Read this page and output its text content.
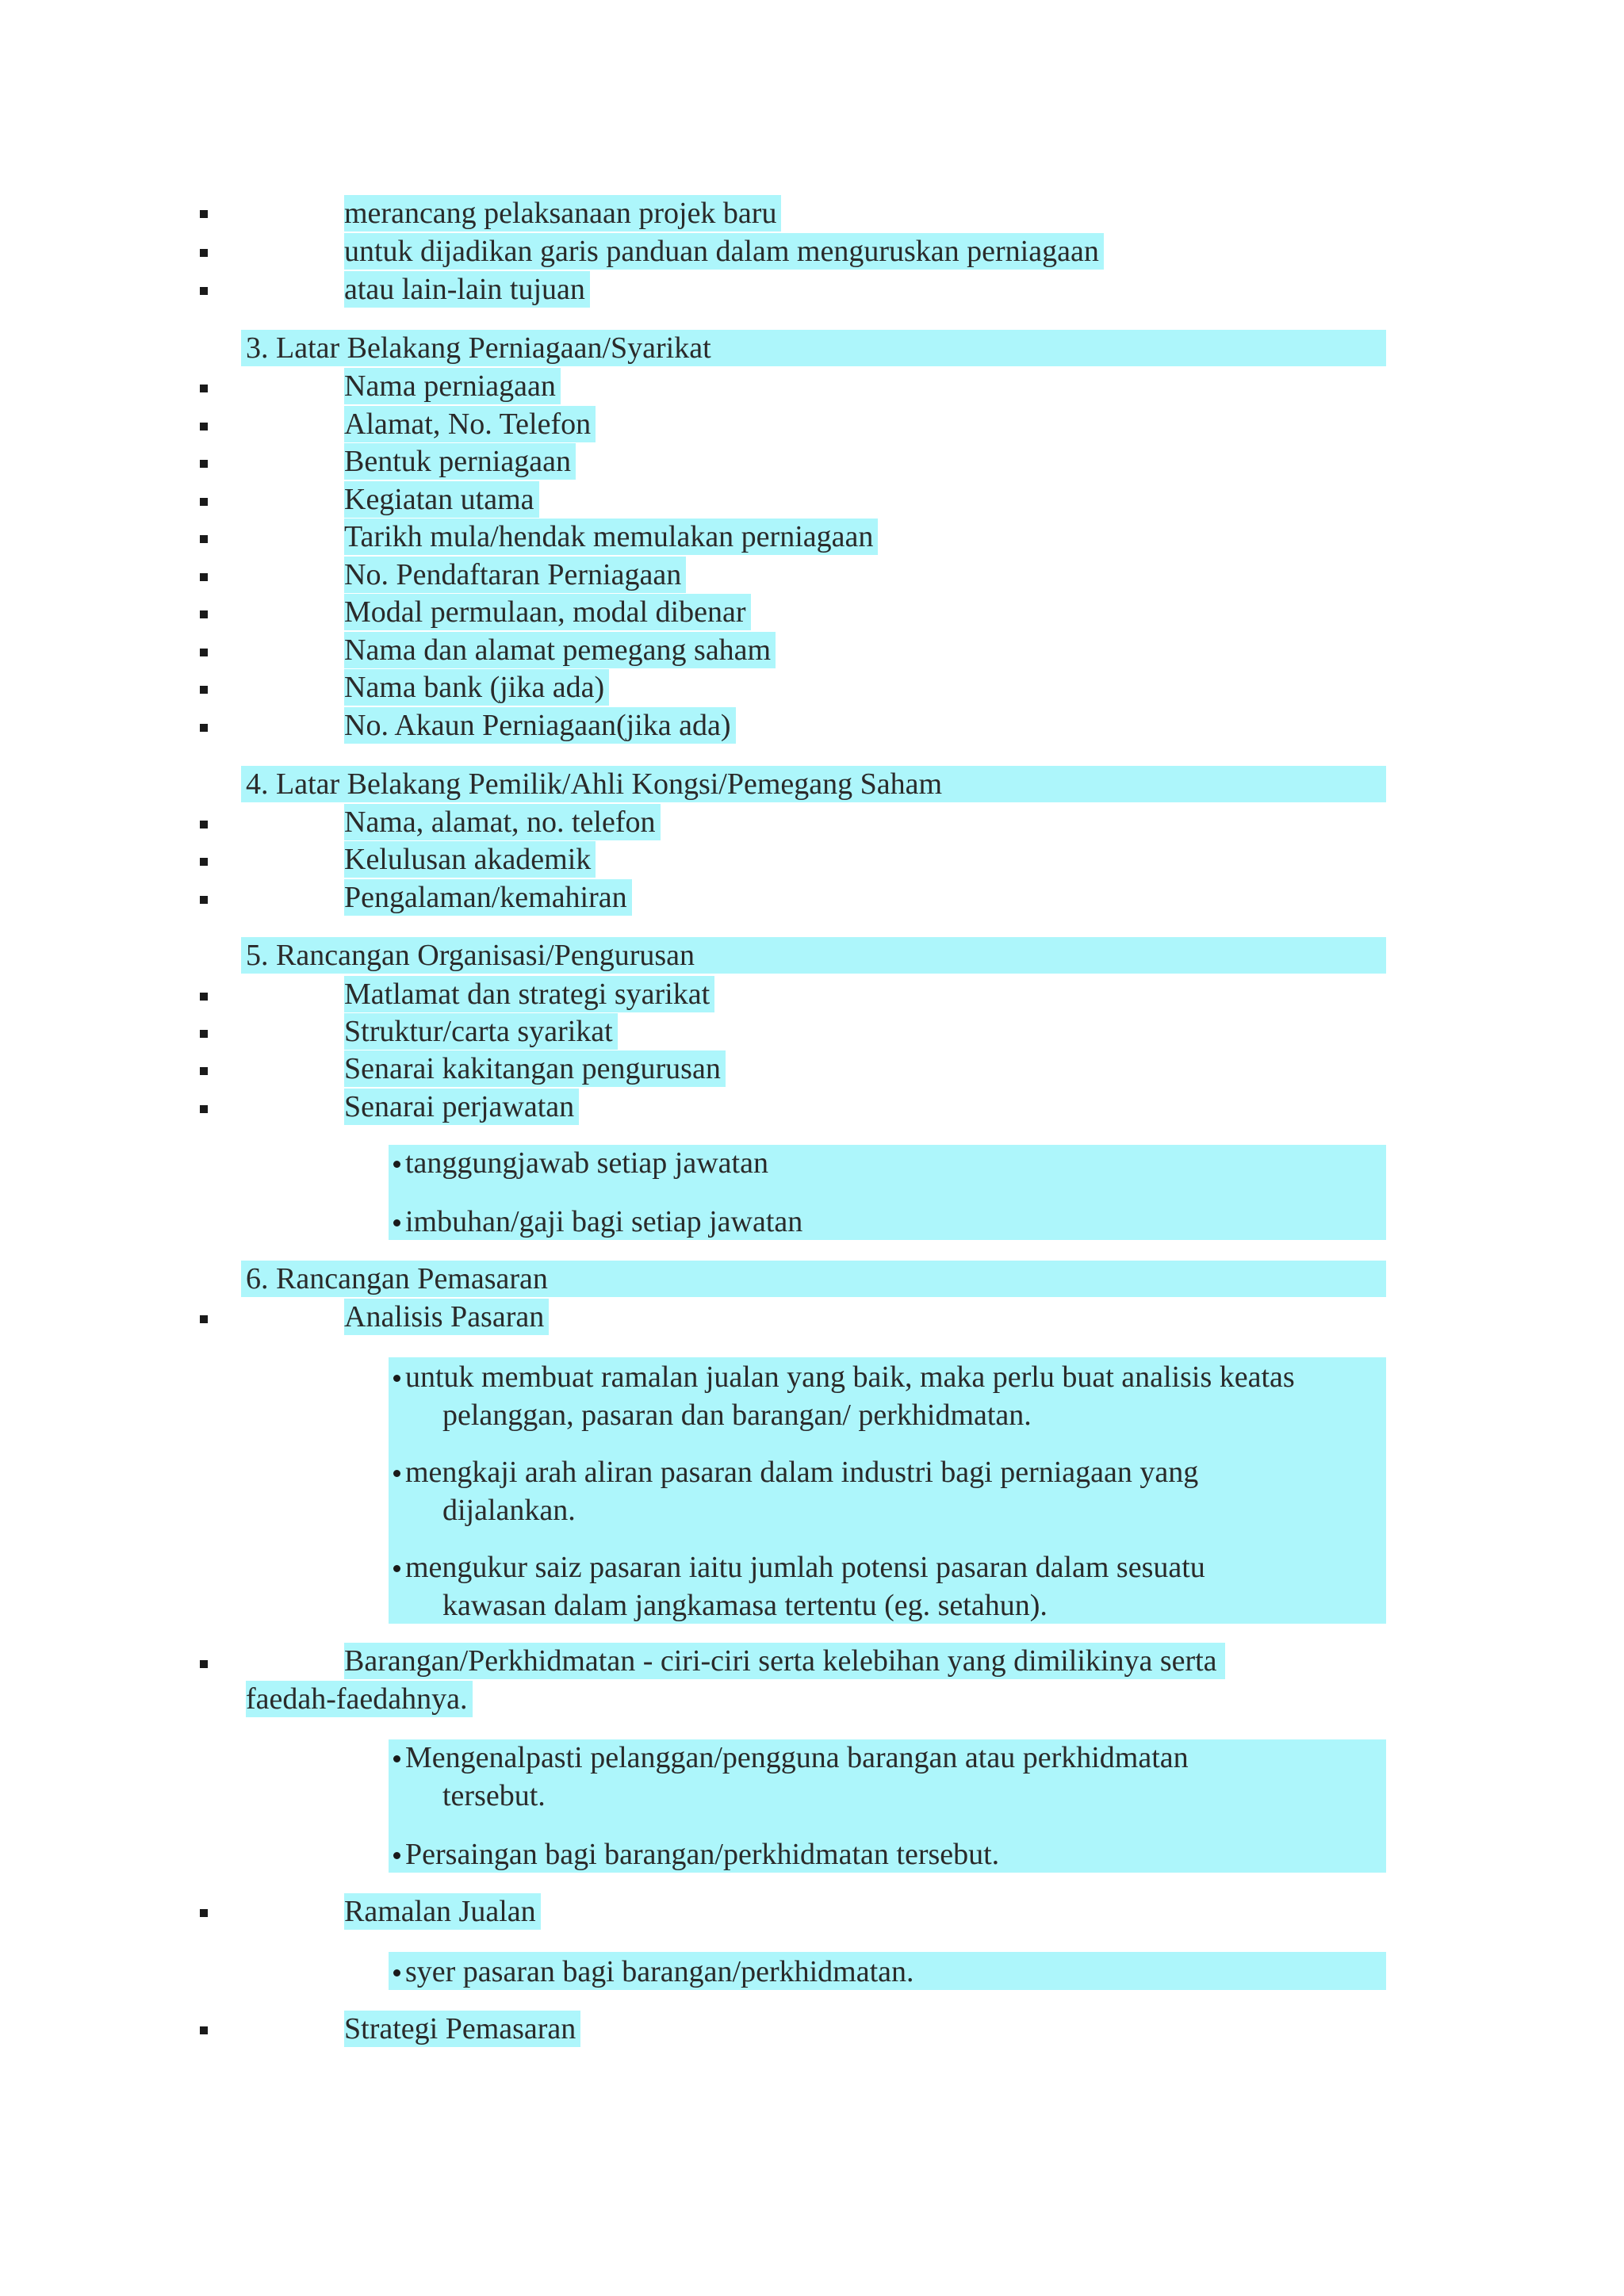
merancang pelaksanaan projek baru
untuk dijadikan garis panduan dalam menguruskan perniagaan
atau lain-lain tujuan
3. Latar Belakang Perniagaan/Syarikat
Nama perniagaan
Alamat, No. Telefon
Bentuk perniagaan
Kegiatan utama
Tarikh mula/hendak memulakan perniagaan
No. Pendaftaran Perniagaan
Modal permulaan, modal dibenar
Nama dan alamat pemegang saham
Nama bank (jika ada)
No. Akaun Perniagaan(jika ada)
4. Latar Belakang Pemilik/Ahli Kongsi/Pemegang Saham
Nama, alamat, no. telefon
Kelulusan akademik
Pengalaman/kemahiran
5. Rancangan Organisasi/Pengurusan
Matlamat dan strategi syarikat
Struktur/carta syarikat
Senarai kakitangan pengurusan
Senarai perjawatan
tanggungjawab setiap jawatan
imbuhan/gaji bagi setiap jawatan
6. Rancangan Pemasaran
Analisis Pasaran
untuk membuat ramalan jualan yang baik, maka perlu buat analisis keatas
pelanggan, pasaran dan barangan/ perkhidmatan.
mengkaji arah aliran pasaran dalam industri bagi perniagaan yang
dijalankan.
mengukur saiz pasaran iaitu jumlah potensi pasaran dalam sesuatu
kawasan dalam jangkamasa tertentu (eg. setahun).
Barangan/Perkhidmatan - ciri-ciri serta kelebihan yang dimilikinya serta
faedah-faedahnya.
Mengenalpasti pelanggan/pengguna barangan atau perkhidmatan
tersebut.
Persaingan bagi barangan/perkhidmatan tersebut.
Ramalan Jualan
syer pasaran bagi barangan/perkhidmatan.
Strategi Pemasaran
